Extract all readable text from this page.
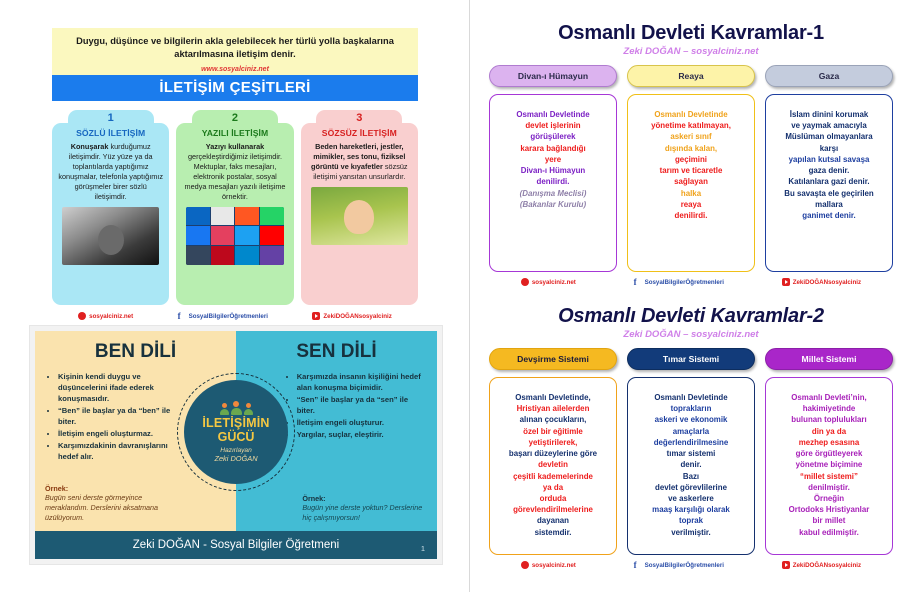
Duygu, düşünce ve bilgilerin akla gelebilecek her türlü yolla başkalarına aktarılmasına iletişim denir.
www.sosyalciniz.net
İLETİŞİM ÇEŞİTLERİ
1
SÖZLÜ İLETİŞİM
Konuşarak kurduğumuz iletişimdir. Yüz yüze ya da toplantılarda yaptığımız konuşmalar, telefonla yaptığımız görüşmeler birer sözlü iletişimdir.
2
YAZILI İLETİŞİM
Yazıyı kullanarak gerçekleştirdiğimiz iletişimdir. Mektuplar, faks mesajları, elektronik postalar, sosyal medya mesajları yazılı iletişime örnektir.
3
SÖZSÜZ İLETİŞİM
Beden hareketleri, jestler, mimikler, ses tonu, fiziksel görüntü ve kıyafetler sözsüz iletişimi yansıtan unsurlardır.
sosyalciniz.net	f	SosyalBilgilerÖğretmenleri	ZekiDOĞANsosyalciniz
BEN DİLİ
• Kişinin kendi duygu ve düşüncelerini ifade ederek konuşmasıdır.
• “Ben” ile başlar ya da “ben” ile biter.
• İletişim engeli oluşturmaz.
• Karşımızdakinin davranışlarını hedef alır.
Örnek:
Bugün seni derste görmeyince meraklandım. Derslerini aksatmana üzülüyorum.
SEN DİLİ
• Karşımızda insanın kişiliğini hedef alan konuşma biçimidir.
• “Sen” ile başlar ya da “sen” ile biter.
• İletişim engeli oluşturur.
• Yargılar, suçlar, eleştirir.
Örnek:
Bugün yine derste yoktun? Derslerine hiç çalışmıyorsun!
İLETİŞİMİN
GÜCÜ
Hazırlayan
Zeki DOĞAN
Zeki DOĞAN - Sosyal Bilgiler Öğretmeni	1
Osmanlı Devleti Kavramlar-1
Zeki DOĞAN – sosyalciniz.net
Divan-ı Hümayun
Osmanlı Devletinde
devlet işlerinin
görüşülerek
karara bağlandığı
yere
Divan-ı Hümayun
denilirdi.
(Danışma Meclisi)
(Bakanlar Kurulu)
Reaya
Osmanlı Devletinde
yönetime katılmayan,
askeri sınıf
dışında kalan,
geçimini
tarım ve ticaretle
sağlayan
halka
reaya
denilirdi.
Gaza
İslam dinini korumak
ve yaymak amacıyla
Müslüman olmayanlara
karşı
yapılan kutsal savaşa
gaza denir.
Katılanlara gazi denir.
Bu savaşta ele geçirilen
mallara
ganimet denir.
sosyalciniz.net	f	SosyalBilgilerÖğretmenleri	ZekiDOĞANsosyalciniz
Osmanlı Devleti Kavramlar-2
Zeki DOĞAN – sosyalciniz.net
Devşirme Sistemi
Osmanlı Devletinde,
Hristiyan ailelerden
alınan çocukların,
özel bir eğitimle
yetiştirilerek,
başarı düzeylerine göre
devletin
çeşitli kademelerinde
ya da
orduda
görevlendirilmelerine
dayanan
sistemdir.
Tımar Sistemi
Osmanlı Devletinde
toprakların
askeri ve ekonomik
amaçlarla
değerlendirilmesine
tımar sistemi
denir.
Bazı
devlet görevlilerine
ve askerlere
maaş karşılığı olarak
toprak
verilmiştir.
Millet Sistemi
Osmanlı Devleti’nin,
hakimiyetinde
bulunan toplulukları
din ya da
mezhep esasına
göre örgütleyerek
yönetme biçimine
“millet sistemi”
denilmiştir.
Örneğin
Ortodoks Hristiyanlar
bir millet
kabul edilmiştir.
sosyalciniz.net	f	SosyalBilgilerÖğretmenleri	ZekiDOĞANsosyalciniz
